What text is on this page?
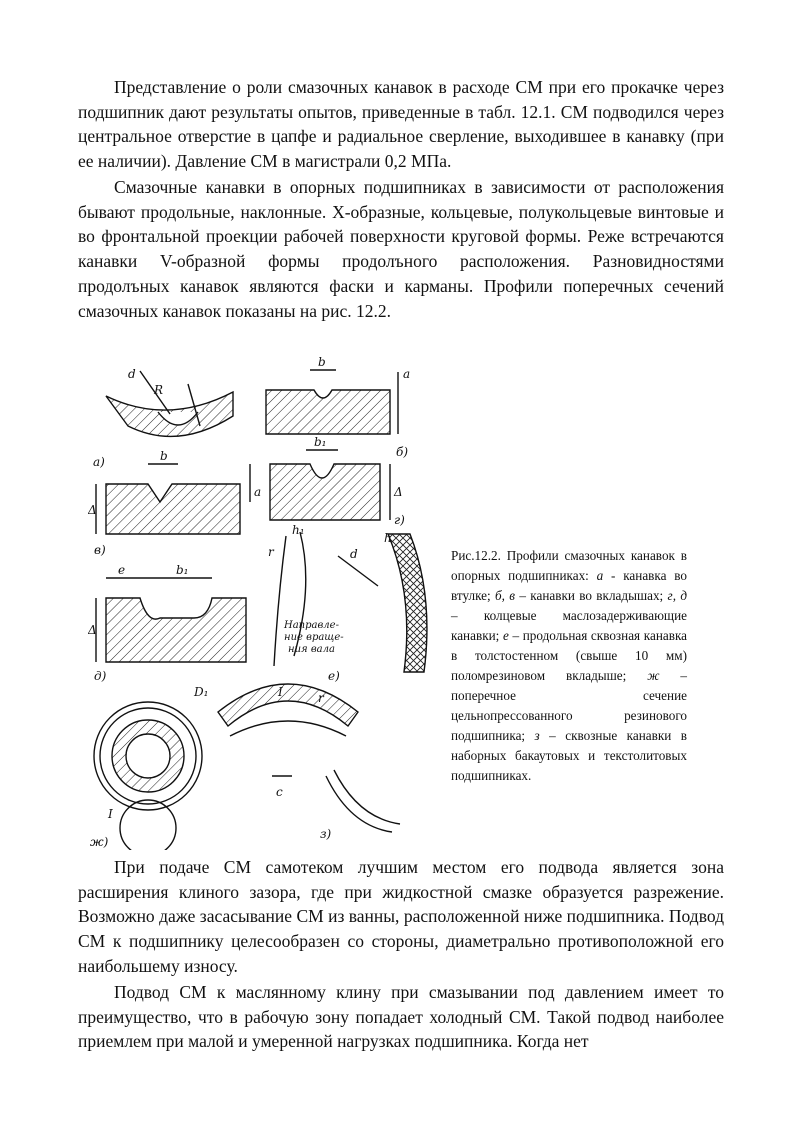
Представление о роли смазочных канавок в расходе СМ при его прокачке через подшипник дают результаты опытов, приведенные в табл. 12.1. СМ подводился через центральное отверстие в цапфе и радиальное сверление, выходившее в канавку (при ее наличии). Давление СМ в магистрали 0,2 МПа.

Смазочные канавки в опорных подшипниках в зависимости от расположения бывают продольные, наклонные. Х-образные, кольцевые, полукольцевые винтовые и во фронтальной проекции рабочей поверхности круговой формы. Реже встречаются канавки V-образной формы продолъного расположения. Разновидностями продолъных канавок являются фаски и карманы. Профили поперечных сечений смазочных канавок показаны на рис. 12.2.

d
R
а)
b
a
б)
b
Δ
a
в)
b₁
Δ
г)
e	b₁
Δ
д)
h₁
r	d
h
Направле-
ние враще-
ния вала
е)
D₁
I
ж)
I	r
c
з)
Рис.12.2. Профили смазочных канавок в опорных подшипниках: а - канавка во втулке; б, в – канавки во вкладышах; г, д – колцевые маслозадерживающие канавки; е – продольная сквозная канавка в толстостенном (свыше 10 мм) поломрезиновом вкладыше; ж – поперечное сечение цельнопрессованного резинового подшипника; з – сквозные канавки в наборных бакаутовых и текстолитовых подшипниках.

При подаче СМ самотеком лучшим местом его подвода является зона расширения клиного зазора, где при жидкостной смазке образуется разрежение. Возможно даже засасывание СМ из ванны, расположенной ниже подшипника. Подвод СМ к подшипнику целесообразен со стороны, диаметрально противоположной его наибольшему износу.

Подвод СМ к маслянному клину при смазывании под давлением имеет то преимущество, что в рабочую зону попадает холодный СМ. Такой подвод наиболее приемлем при малой и умеренной нагрузках подшипника. Когда нет
